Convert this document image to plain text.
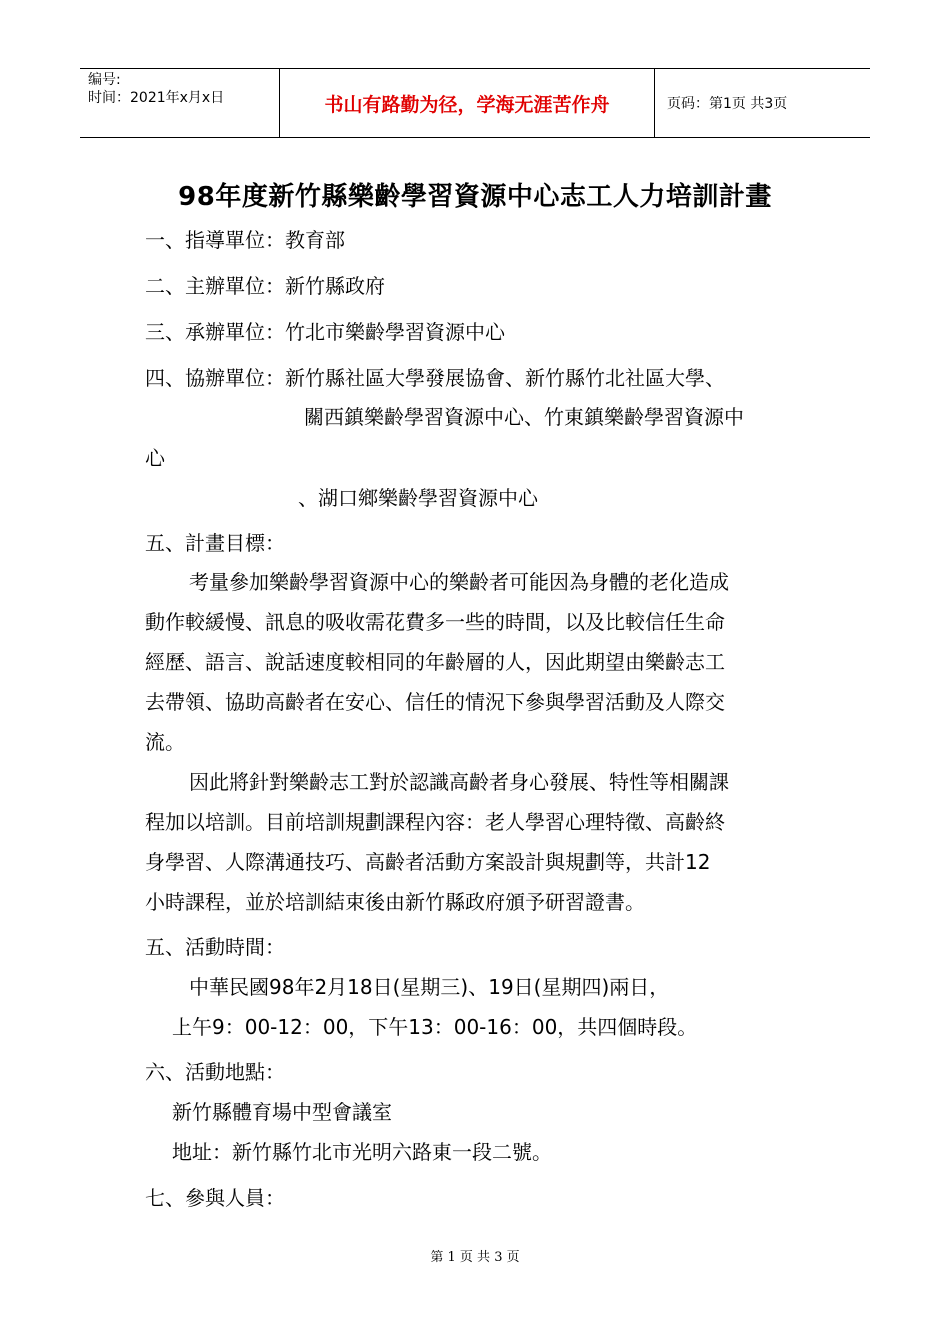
编号:
时间：2021年x月x日	书山有路勤为径，学海无涯苦作舟	页码：第1页 共3页
98年度新竹縣樂齡學習資源中心志工人力培訓計畫
一、指導單位：教育部
二、主辦單位：新竹縣政府
三、承辦單位：竹北市樂齡學習資源中心
四、協辦單位：新竹縣社區大學發展協會、新竹縣竹北社區大學、
關西鎮樂齡學習資源中心、竹東鎮樂齡學習資源中
心
、湖口鄉樂齡學習資源中心
五、計畫目標：
考量參加樂齡學習資源中心的樂齡者可能因為身體的老化造成
動作較緩慢、訊息的吸收需花費多一些的時間，以及比較信任生命
經歷、語言、說話速度較相同的年齡層的人，因此期望由樂齡志工
去帶領、協助高齡者在安心、信任的情況下參與學習活動及人際交
流。
因此將針對樂齡志工對於認識高齡者身心發展、特性等相關課
程加以培訓。目前培訓規劃課程內容：老人學習心理特徵、高齡終
身學習、人際溝通技巧、高齡者活動方案設計與規劃等，共計12
小時課程，並於培訓結束後由新竹縣政府頒予研習證書。
五、活動時間：
中華民國98年2月18日(星期三)、19日(星期四)兩日，
上午9：00-12：00，下午13：00-16：00，共四個時段。
六、活動地點：
新竹縣體育場中型會議室
地址：新竹縣竹北市光明六路東一段二號。
七、參與人員：
第 1 页 共 3 页
